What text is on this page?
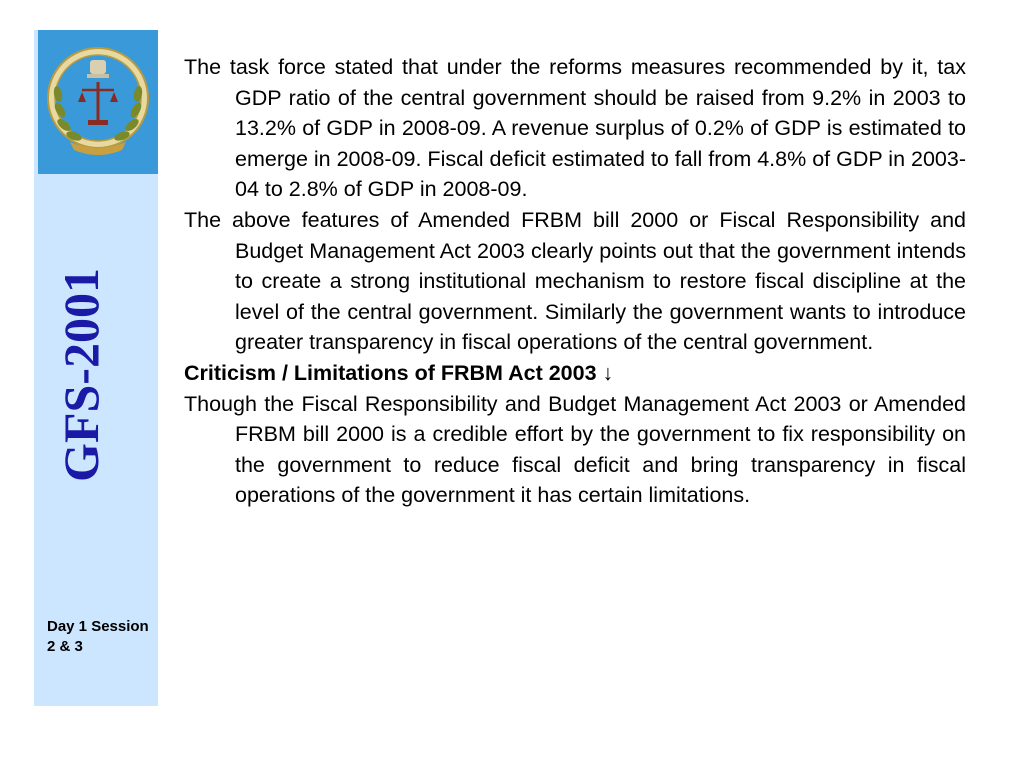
GFS-2001
Day 1 Session 2 & 3

The task force stated that under the reforms measures recommended by it, tax GDP ratio of the central government should be raised from 9.2% in 2003 to 13.2% of GDP in 2008-09. A revenue surplus of 0.2% of GDP is estimated to emerge in 2008-09. Fiscal deficit estimated to fall from 4.8% of GDP in 2003-04 to 2.8% of GDP in 2008-09.

The above features of Amended FRBM bill 2000 or Fiscal Responsibility and Budget Management Act 2003 clearly points out that the government intends to create a strong institutional mechanism to restore fiscal discipline at the level of the central government. Similarly the government wants to introduce greater transparency in fiscal operations of the central government.

Criticism / Limitations of FRBM Act 2003 ↓

Though the Fiscal Responsibility and Budget Management Act 2003 or Amended FRBM bill 2000 is a credible effort by the government to fix responsibility on the government to reduce fiscal deficit and bring transparency in fiscal operations of the government it has certain limitations.
